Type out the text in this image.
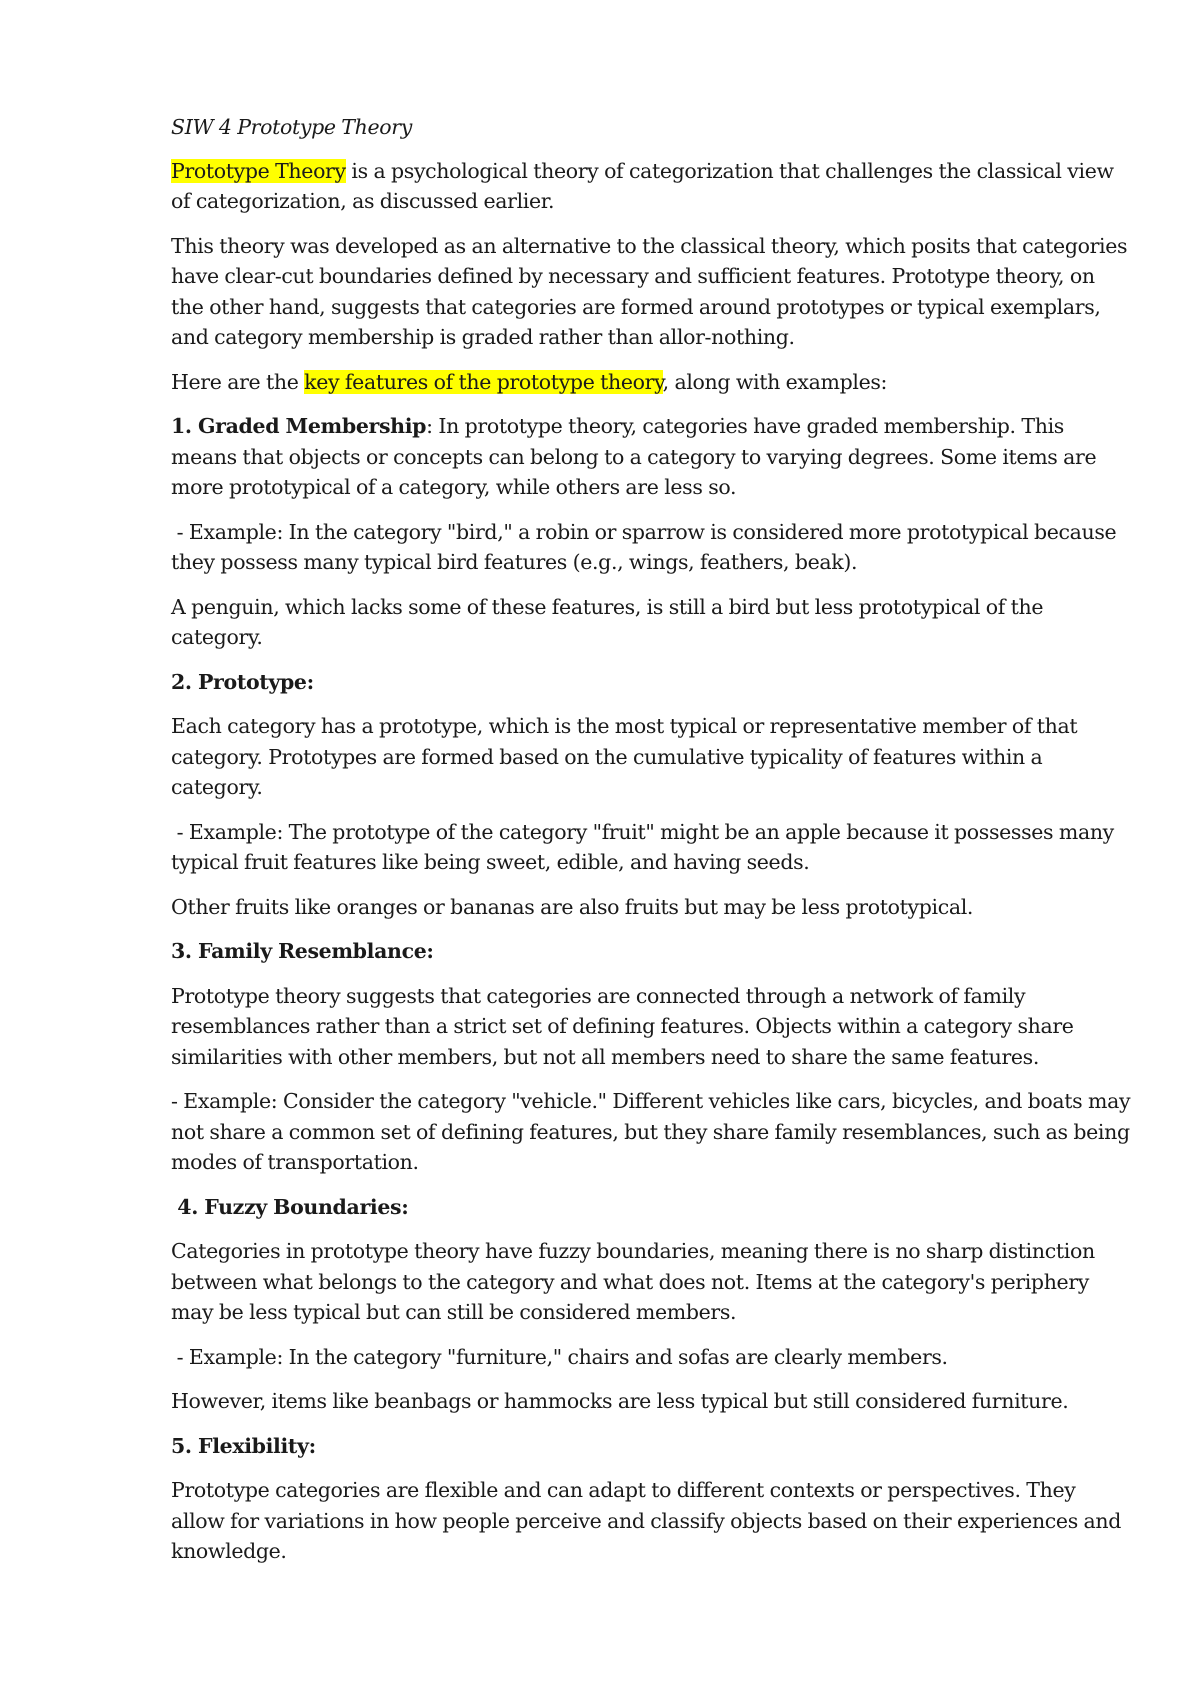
SIW 4 Prototype Theory

Prototype Theory is a psychological theory of categorization that challenges the classical view of categorization, as discussed earlier.

This theory was developed as an alternative to the classical theory, which posits that categories have clear-cut boundaries defined by necessary and sufficient features. Prototype theory, on the other hand, suggests that categories are formed around prototypes or typical exemplars, and category membership is graded rather than allor-nothing.

Here are the key features of the prototype theory, along with examples:

1. Graded Membership: In prototype theory, categories have graded membership. This means that objects or concepts can belong to a category to varying degrees. Some items are more prototypical of a category, while others are less so.

- Example: In the category "bird," a robin or sparrow is considered more prototypical because they possess many typical bird features (e.g., wings, feathers, beak).

A penguin, which lacks some of these features, is still a bird but less prototypical of the category.

2. Prototype:

Each category has a prototype, which is the most typical or representative member of that category. Prototypes are formed based on the cumulative typicality of features within a category.

- Example: The prototype of the category "fruit" might be an apple because it possesses many typical fruit features like being sweet, edible, and having seeds.

Other fruits like oranges or bananas are also fruits but may be less prototypical.

3. Family Resemblance:

Prototype theory suggests that categories are connected through a network of family resemblances rather than a strict set of defining features. Objects within a category share similarities with other members, but not all members need to share the same features.

- Example: Consider the category "vehicle." Different vehicles like cars, bicycles, and boats may not share a common set of defining features, but they share family resemblances, such as being modes of transportation.

4. Fuzzy Boundaries:

Categories in prototype theory have fuzzy boundaries, meaning there is no sharp distinction between what belongs to the category and what does not. Items at the category's periphery may be less typical but can still be considered members.

- Example: In the category "furniture," chairs and sofas are clearly members.

However, items like beanbags or hammocks are less typical but still considered furniture.

5. Flexibility:

Prototype categories are flexible and can adapt to different contexts or perspectives. They allow for variations in how people perceive and classify objects based on their experiences and knowledge.
